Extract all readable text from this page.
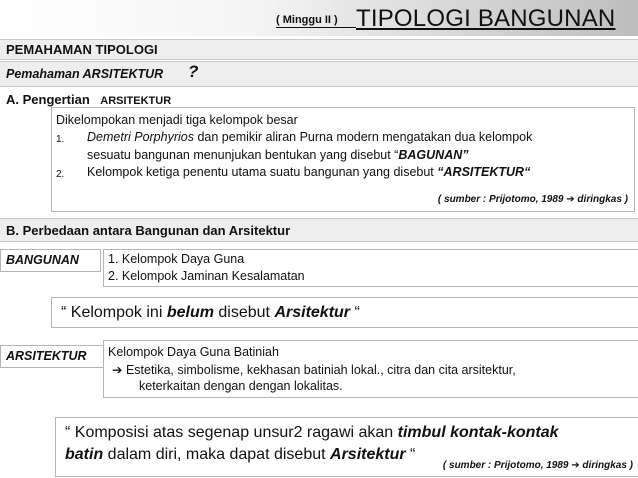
( Minggu II ) TIPOLOGI BANGUNAN
PEMAHAMAN TIPOLOGI
Pemahaman ARSITEKTUR ?
A. Pengertian ARSITEKTUR
Dikelompokan menjadi tiga kelompok besar
1. Demetri Porphyrios dan pemikir aliran Purna modern mengatakan dua kelompok
sesuatu bangunan menunjukan bentukan yang disebut “BAGUNAN”
2. Kelompok ketiga penentu utama suatu bangunan yang disebut “ARSITEKTUR“
( sumber : Prijotomo, 1989 ➔ diringkas )
B. Perbedaan antara Bangunan dan Arsitektur
BANGUNAN 1. Kelompok Daya Guna
2. Kelompok Jaminan Kesalamatan
“ Kelompok ini belum disebut Arsitektur “
ARSITEKTUR Kelompok Daya Guna Batiniah
➔ Estetika, simbolisme, kekhasan batiniah lokal., citra dan cita arsitektur,
keterkaitan dengan dengan lokalitas.
“ Komposisi atas segenap unsur2 ragawi akan timbul kontak-kontak
batin dalam diri, maka dapat disebut Arsitektur “
( sumber : Prijotomo, 1989 ➔ diringkas )
